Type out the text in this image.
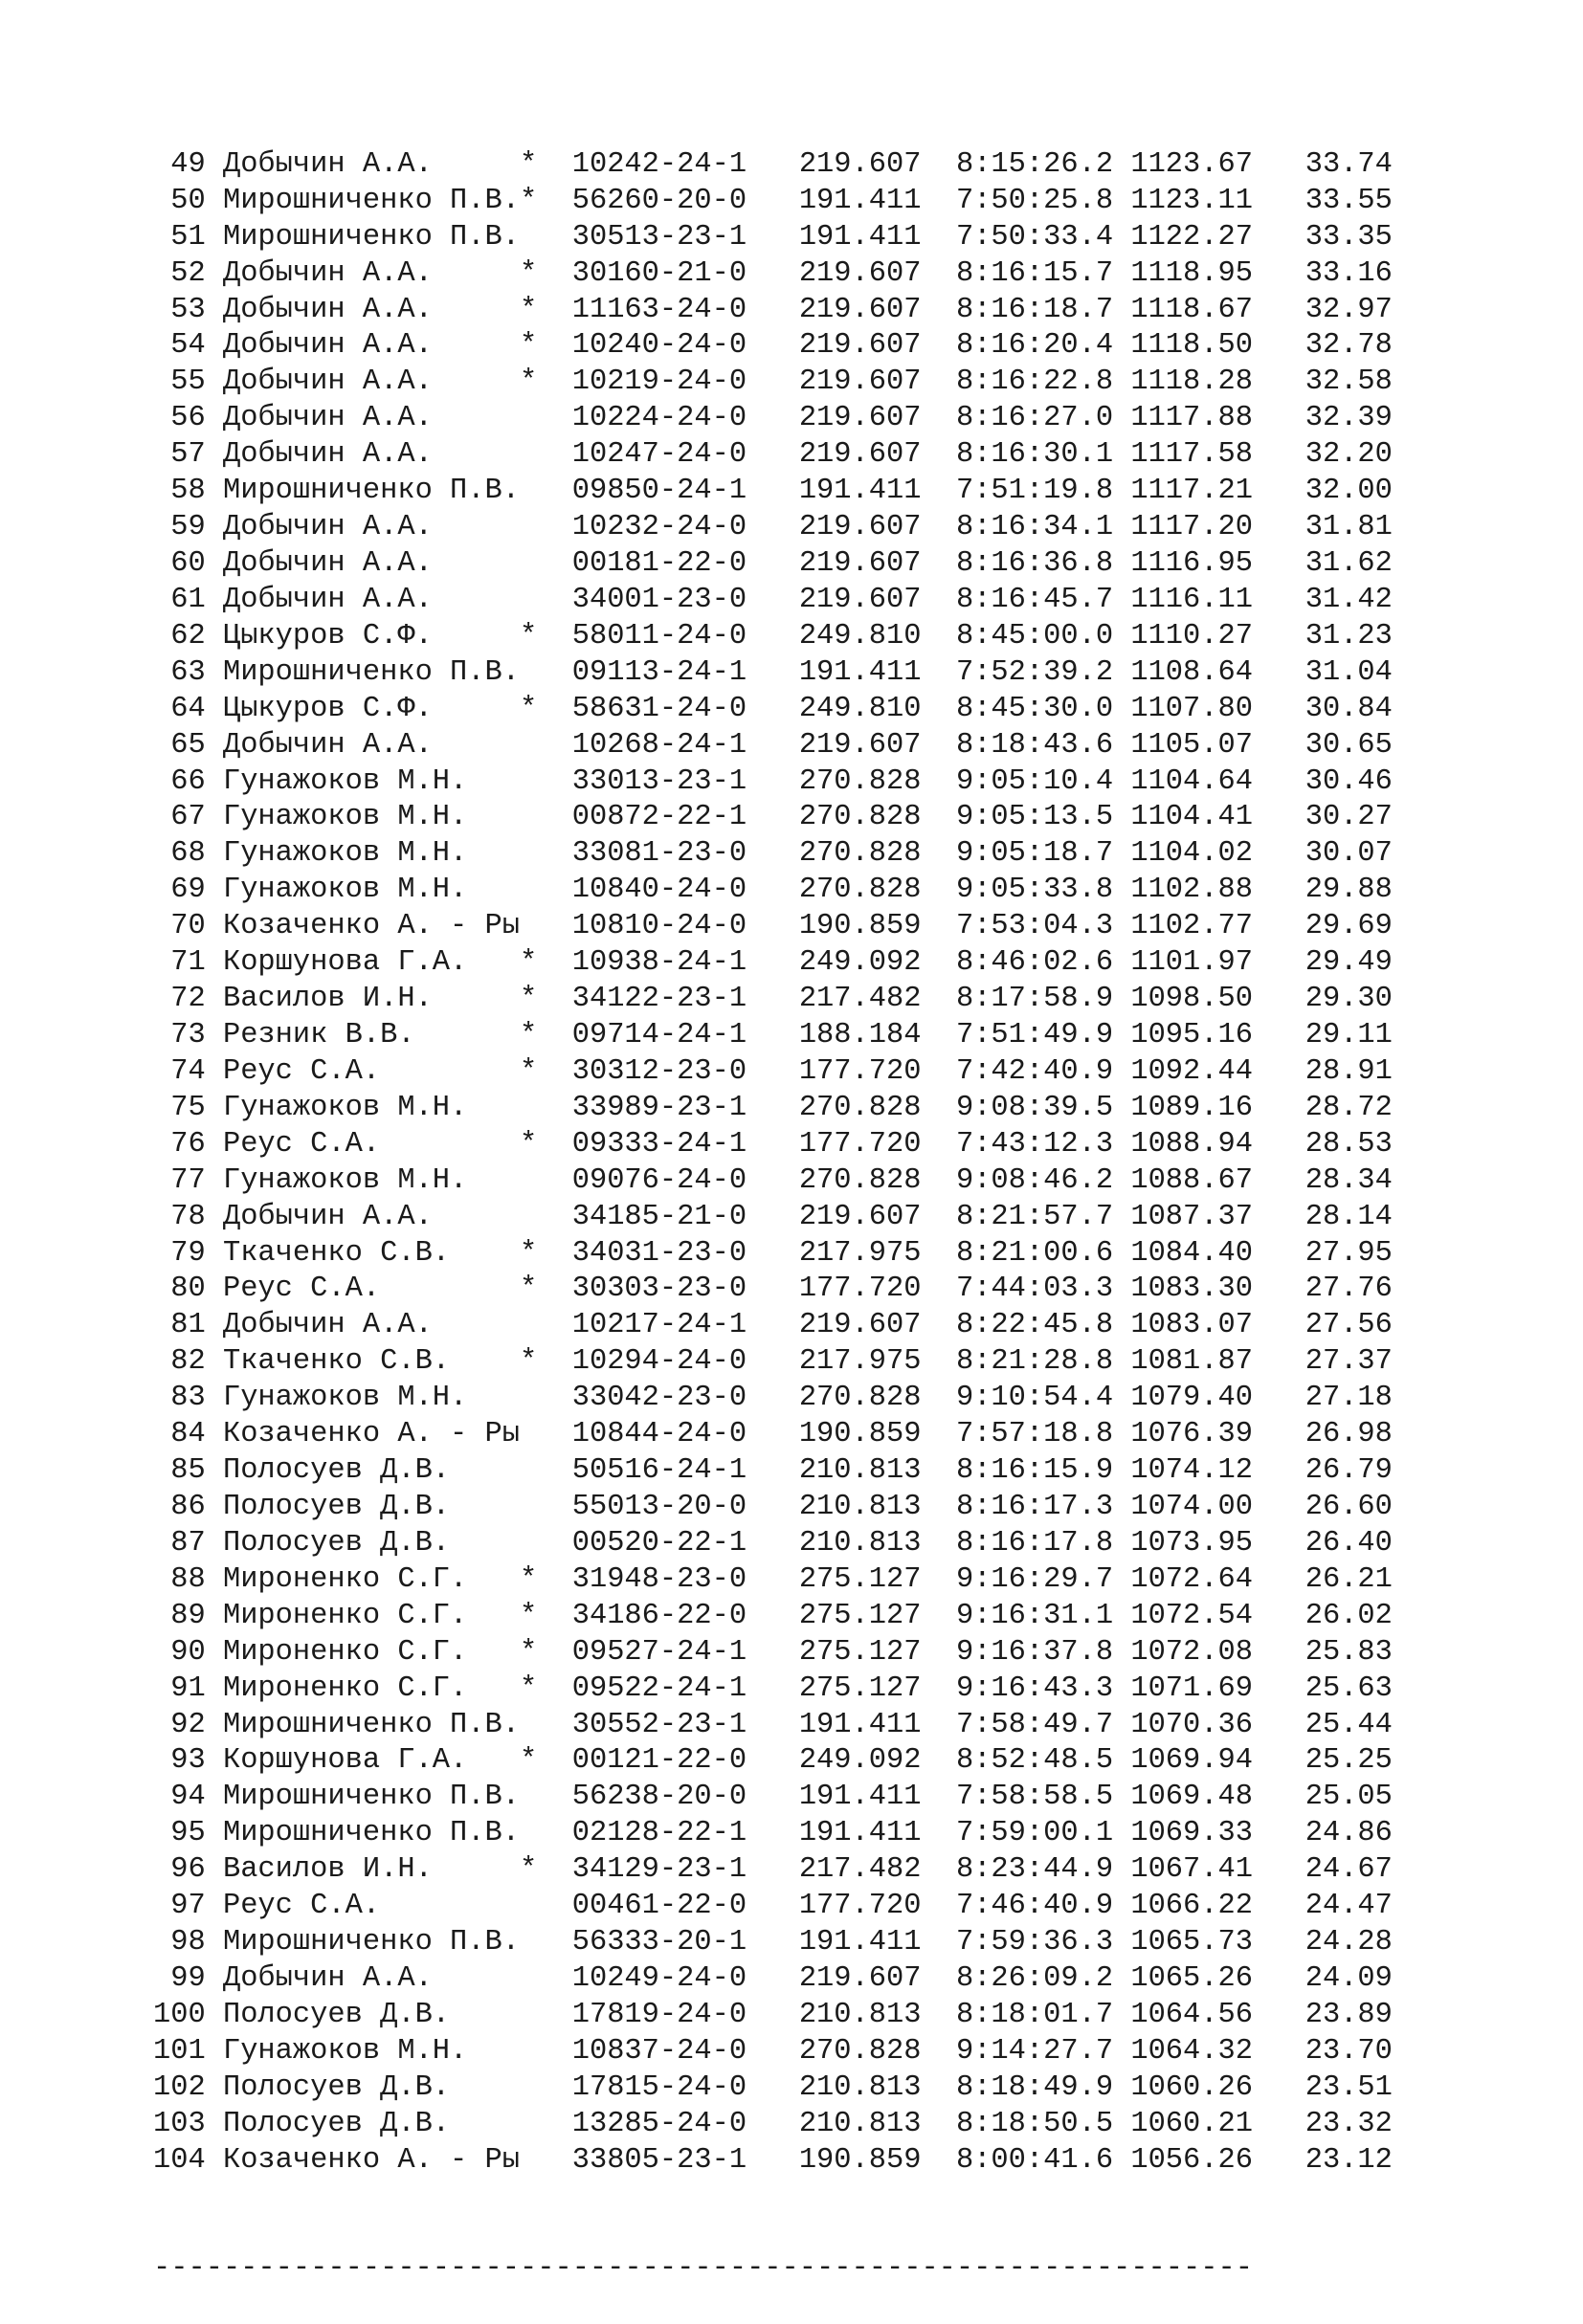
49 Добычин А.А.     *  10242-24-1   219.607  8:15:26.2 1123.67   33.74
50 Мирошниченко П.В.*  56260-20-0   191.411  7:50:25.8 1123.11   33.55
51 Мирошниченко П.В. 30513-23-1   191.411  7:50:33.4 1122.27   33.35
52 Добычин А.А.     *  30160-21-0   219.607  8:16:15.7 1118.95   33.16
53 Добычин А.А.     *  11163-24-0   219.607  8:16:18.7 1118.67   32.97
54 Добычин А.А.     *  10240-24-0   219.607  8:16:20.4 1118.50   32.78
55 Добычин А.А.     *  10219-24-0   219.607  8:16:22.8 1118.28   32.58
56 Добычин А.А.        10224-24-0   219.607  8:16:27.0 1117.88   32.39
57 Добычин А.А.        10247-24-0   219.607  8:16:30.1 1117.58   32.20
58 Мирошниченко П.В. 09850-24-1   191.411  7:51:19.8 1117.21   32.00
59 Добычин А.А.        10232-24-0   219.607  8:16:34.1 1117.20   31.81
60 Добычин А.А.        00181-22-0   219.607  8:16:36.8 1116.95   31.62
61 Добычин А.А.        34001-23-0   219.607  8:16:45.7 1116.11   31.42
62 Цыкуров С.Ф.     *  58011-24-0   249.810  8:45:00.0 1110.27   31.23
63 Мирошниченко П.В. 09113-24-1   191.411  7:52:39.2 1108.64   31.04
64 Цыкуров С.Ф.     *  58631-24-0   249.810  8:45:30.0 1107.80   30.84
65 Добычин А.А.        10268-24-1   219.607  8:18:43.6 1105.07   30.65
66 Гунажоков М.Н.      33013-23-1   270.828  9:05:10.4 1104.64   30.46
67 Гунажоков М.Н.      00872-22-1   270.828  9:05:13.5 1104.41   30.27
68 Гунажоков М.Н.      33081-23-0   270.828  9:05:18.7 1104.02   30.07
69 Гунажоков М.Н.      10840-24-0   270.828  9:05:33.8 1102.88   29.88
70 Козаченко А. - Ры 10810-24-0   190.859  7:53:04.3 1102.77   29.69
71 Коршунова Г.А.   *  10938-24-1   249.092  8:46:02.6 1101.97   29.49
72 Василов И.Н.     *  34122-23-1   217.482  8:17:58.9 1098.50   29.30
73 Резник В.В.      *  09714-24-1   188.184  7:51:49.9 1095.16   29.11
74 Реус С.А.        *  30312-23-0   177.720  7:42:40.9 1092.44   28.91
75 Гунажоков М.Н.      33989-23-1   270.828  9:08:39.5 1089.16   28.72
76 Реус С.А.        *  09333-24-1   177.720  7:43:12.3 1088.94   28.53
77 Гунажоков М.Н.      09076-24-0   270.828  9:08:46.2 1088.67   28.34
78 Добычин А.А.        34185-21-0   219.607  8:21:57.7 1087.37   28.14
79 Ткаченко С.В.    *  34031-23-0   217.975  8:21:00.6 1084.40   27.95
80 Реус С.А.        *  30303-23-0   177.720  7:44:03.3 1083.30   27.76
81 Добычин А.А.        10217-24-1   219.607  8:22:45.8 1083.07   27.56
82 Ткаченко С.В.    *  10294-24-0   217.975  8:21:28.8 1081.87   27.37
83 Гунажоков М.Н.      33042-23-0   270.828  9:10:54.4 1079.40   27.18
84 Козаченко А. - Ры 10844-24-0   190.859  7:57:18.8 1076.39   26.98
85 Полосуев Д.В.       50516-24-1   210.813  8:16:15.9 1074.12   26.79
86 Полосуев Д.В.       55013-20-0   210.813  8:16:17.3 1074.00   26.60
87 Полосуев Д.В.       00520-22-1   210.813  8:16:17.8 1073.95   26.40
88 Мироненко С.Г.   *  31948-23-0   275.127  9:16:29.7 1072.64   26.21
89 Мироненко С.Г.   *  34186-22-0   275.127  9:16:31.1 1072.54   26.02
90 Мироненко С.Г.   *  09527-24-1   275.127  9:16:37.8 1072.08   25.83
91 Мироненко С.Г.   *  09522-24-1   275.127  9:16:43.3 1071.69   25.63
92 Мирошниченко П.В. 30552-23-1   191.411  7:58:49.7 1070.36   25.44
93 Коршунова Г.А.   *  00121-22-0   249.092  8:52:48.5 1069.94   25.25
94 Мирошниченко П.В. 56238-20-0   191.411  7:58:58.5 1069.48   25.05
95 Мирошниченко П.В. 02128-22-1   191.411  7:59:00.1 1069.33   24.86
96 Василов И.Н.     *  34129-23-1   217.482  8:23:44.9 1067.41   24.67
97 Реус С.А.           00461-22-0   177.720  7:46:40.9 1066.22   24.47
98 Мирошниченко П.В. 56333-20-1   191.411  7:59:36.3 1065.73   24.28
99 Добычин А.А.        10249-24-0   219.607  8:26:09.2 1065.26   24.09
100 Полосуев Д.В.       17819-24-0   210.813  8:18:01.7 1064.56   23.89
101 Гунажоков М.Н.      10837-24-0   270.828  9:14:27.7 1064.32   23.70
102 Полосуев Д.В.       17815-24-0   210.813  8:18:49.9 1060.26   23.51
103 Полосуев Д.В.       13285-24-0   210.813  8:18:50.5 1060.21   23.32
104 Козаченко А. - Ры 33805-23-1   190.859  8:00:41.6 1056.26   23.12

---------------------------------------------------------------
